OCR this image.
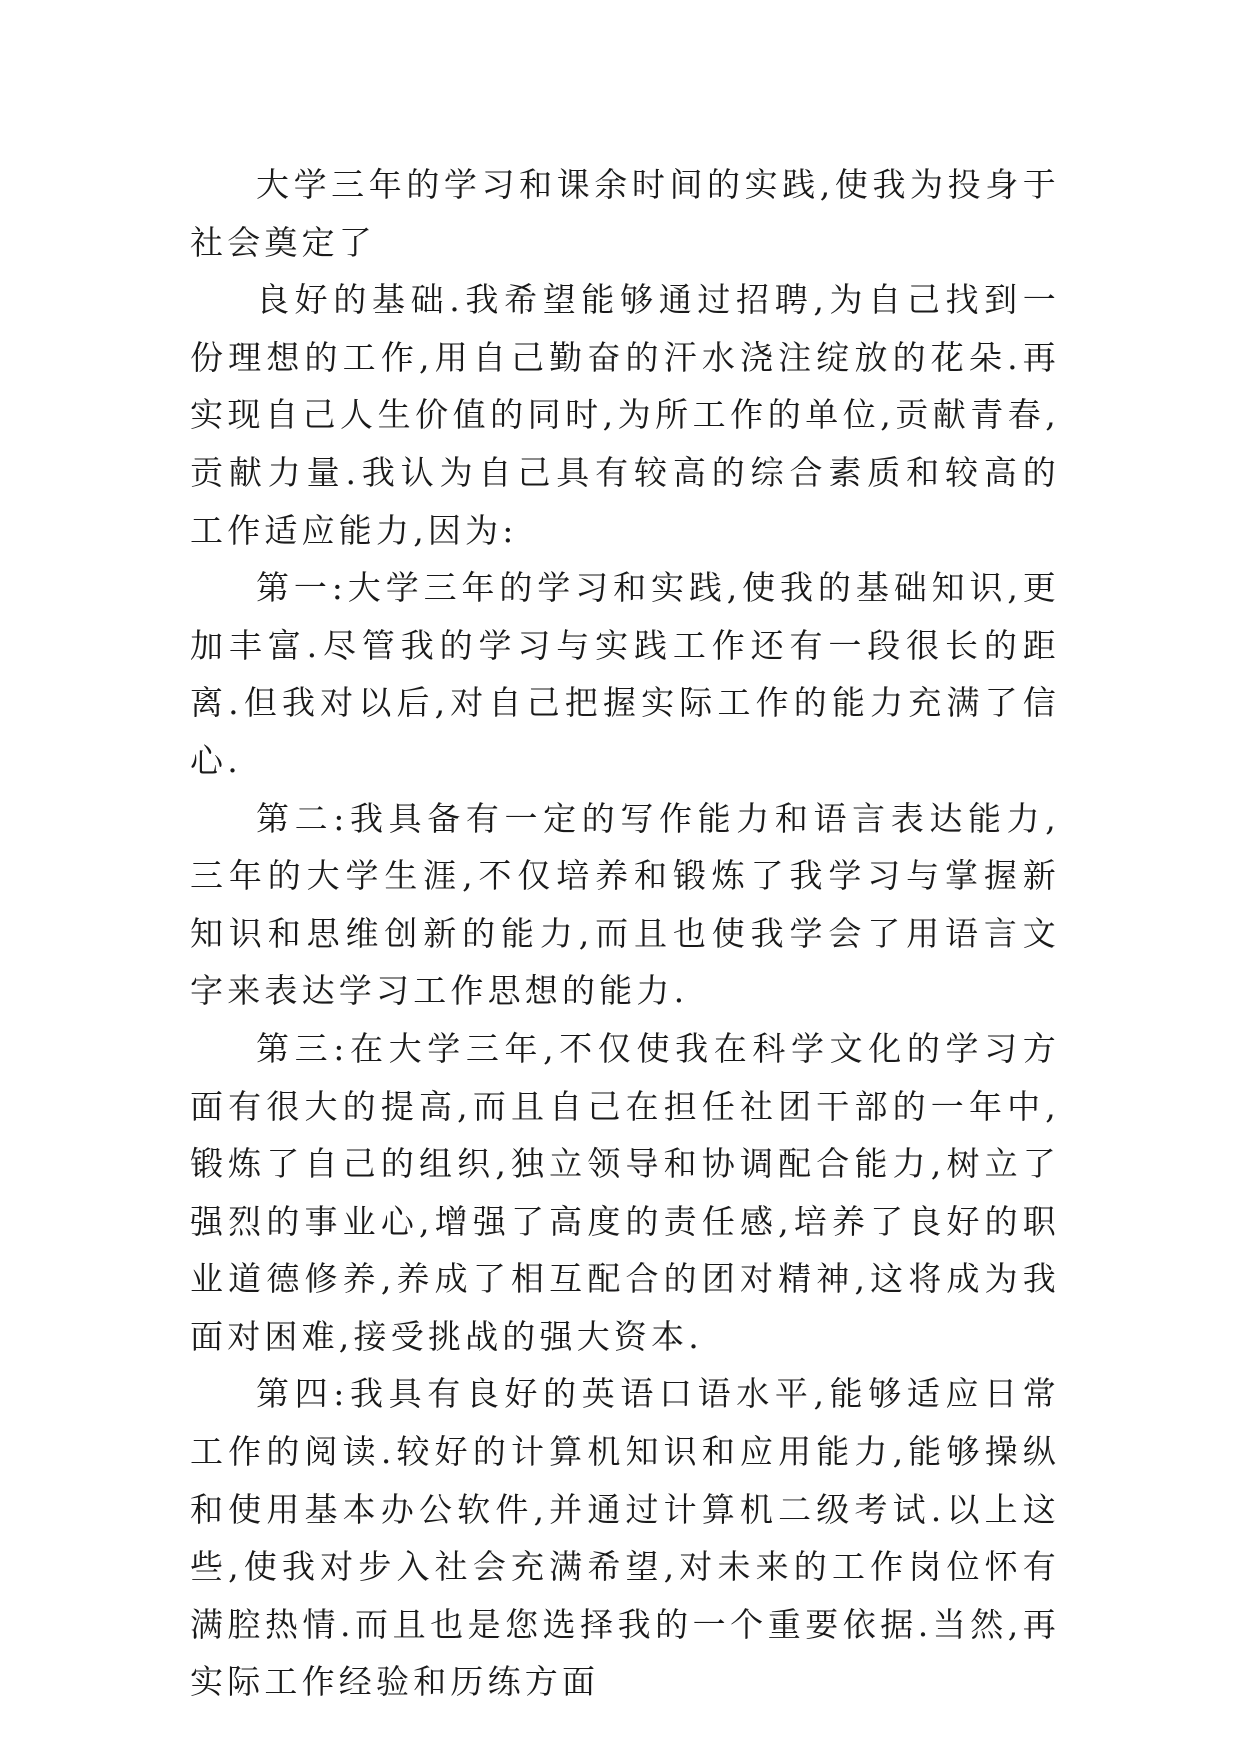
大学三年的学习和课余时间的实践,使我为投身于社会奠定了

良好的基础.我希望能够通过招聘,为自己找到一份理想的工作,用自己勤奋的汗水浇注绽放的花朵.再实现自己人生价值的同时,为所工作的单位,贡献青春,贡献力量.我认为自己具有较高的综合素质和较高的工作适应能力,因为:

第一:大学三年的学习和实践,使我的基础知识,更加丰富.尽管我的学习与实践工作还有一段很长的距离.但我对以后,对自己把握实际工作的能力充满了信心.

第二:我具备有一定的写作能力和语言表达能力,三年的大学生涯,不仅培养和锻炼了我学习与掌握新知识和思维创新的能力,而且也使我学会了用语言文字来表达学习工作思想的能力.

第三:在大学三年,不仅使我在科学文化的学习方面有很大的提高,而且自己在担任社团干部的一年中,锻炼了自己的组织,独立领导和协调配合能力,树立了强烈的事业心,增强了高度的责任感,培养了良好的职业道德修养,养成了相互配合的团对精神,这将成为我面对困难,接受挑战的强大资本.

第四:我具有良好的英语口语水平,能够适应日常工作的阅读.较好的计算机知识和应用能力,能够操纵和使用基本办公软件,并通过计算机二级考试.以上这些,使我对步入社会充满希望,对未来的工作岗位怀有满腔热情.而且也是您选择我的一个重要依据.当然,再实际工作经验和历练方面
